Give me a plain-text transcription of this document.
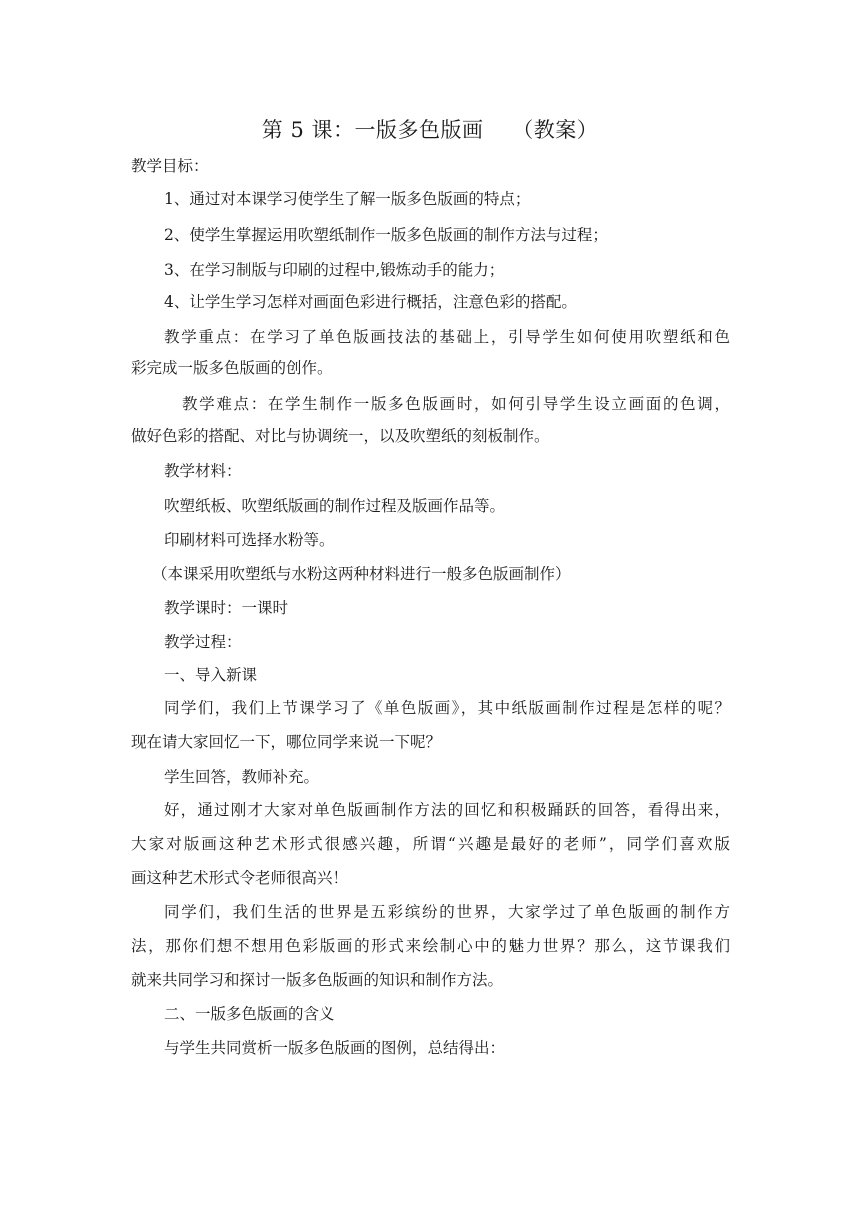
第 5 课：一版多色版画    （教案）
教学目标：
1、通过对本课学习使学生了解一版多色版画的特点；
2、使学生掌握运用吹塑纸制作一版多色版画的制作方法与过程；
3、在学习制版与印刷的过程中,锻炼动手的能力；
4、让学生学习怎样对画面色彩进行概括，注意色彩的搭配。
教学重点：在学习了单色版画技法的基础上，引导学生如何使用吹塑纸和色
彩完成一版多色版画的创作。
教学难点：在学生制作一版多色版画时，如何引导学生设立画面的色调，
做好色彩的搭配、对比与协调统一，以及吹塑纸的刻板制作。
教学材料：
吹塑纸板、吹塑纸版画的制作过程及版画作品等。
印刷材料可选择水粉等。
（本课采用吹塑纸与水粉这两种材料进行一般多色版画制作）
教学课时：一课时
教学过程：
一、导入新课
同学们，我们上节课学习了《单色版画》，其中纸版画制作过程是怎样的呢？
现在请大家回忆一下，哪位同学来说一下呢？
学生回答，教师补充。
好，通过刚才大家对单色版画制作方法的回忆和积极踊跃的回答，看得出来，
大家对版画这种艺术形式很感兴趣，所谓“兴趣是最好的老师”，同学们喜欢版
画这种艺术形式令老师很高兴！
同学们，我们生活的世界是五彩缤纷的世界，大家学过了单色版画的制作方
法，那你们想不想用色彩版画的形式来绘制心中的魅力世界？那么，这节课我们
就来共同学习和探讨一版多色版画的知识和制作方法。
二、一版多色版画的含义
与学生共同赏析一版多色版画的图例，总结得出：
